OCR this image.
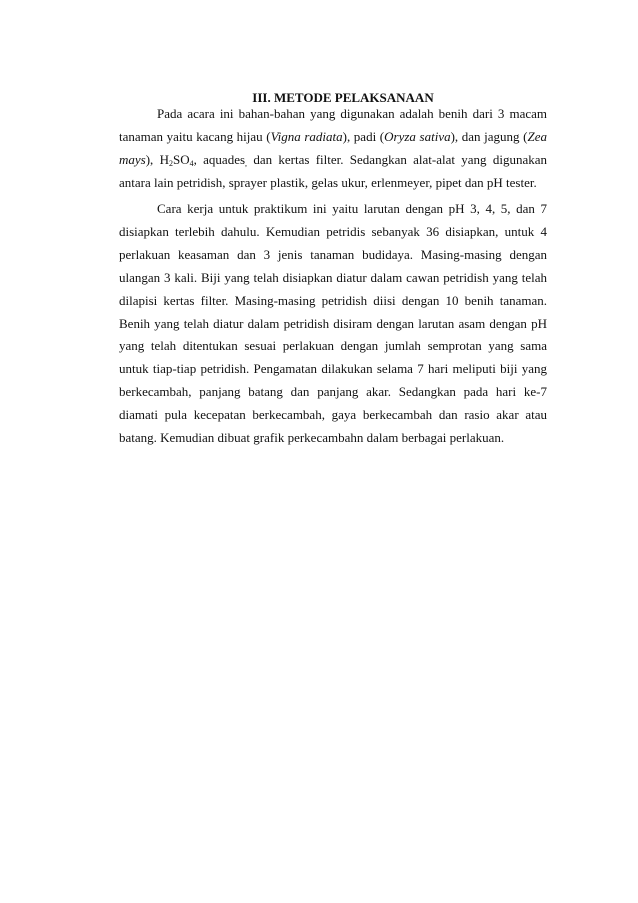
III. METODE PELAKSANAAN
Pada acara ini bahan-bahan yang digunakan adalah benih dari 3 macam
tanaman yaitu kacang hijau (Vigna radiata), padi (Oryza sativa), dan jagung (Zea
mays), $H_2SO_4$, aquades$_,$ dan kertas filter. Sedangkan alat-alat yang digunakan
antara lain petridish, sprayer plastik, gelas ukur, erlenmeyer, pipet dan pH tester.
Cara kerja untuk praktikum ini yaitu larutan dengan pH 3, 4, 5, dan 7
disiapkan terlebih dahulu. Kemudian petridis sebanyak 36 disiapkan, untuk 4
perlakuan keasaman dan 3 jenis tanaman budidaya. Masing-masing dengan
ulangan 3 kali. Biji yang telah disiapkan diatur dalam cawan petridish yang telah
dilapisi kertas filter. Masing-masing petridish diisi dengan 10 benih tanaman.
Benih yang telah diatur dalam petridish disiram dengan larutan asam dengan pH
yang telah ditentukan sesuai perlakuan dengan jumlah semprotan yang sama
untuk tiap-tiap petridish. Pengamatan dilakukan selama 7 hari meliputi biji yang
berkecambah, panjang batang dan panjang akar. Sedangkan pada hari ke-7
diamati pula kecepatan berkecambah, gaya berkecambah dan rasio akar atau
batang. Kemudian dibuat grafik perkecambahn dalam berbagai perlakuan.
